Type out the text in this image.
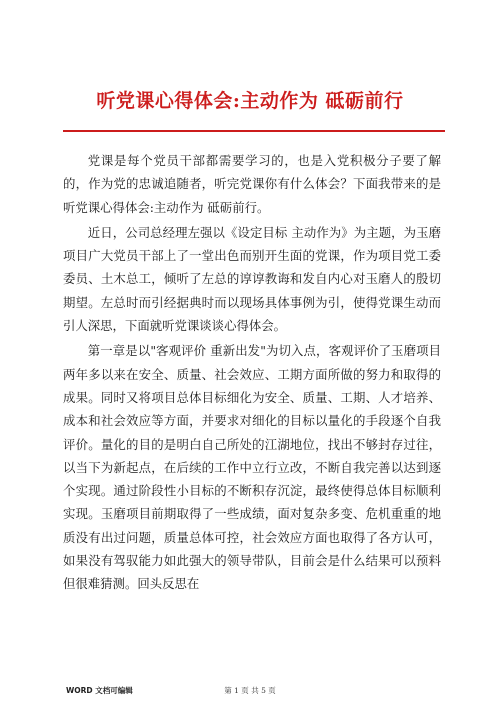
听党课心得体会:主动作为 砥砺前行

党课是每个党员干部都需要学习的，也是入党积极分子要了解的，作为党的忠诚追随者，听完党课你有什么体会？下面我带来的是听党课心得体会:主动作为 砥砺前行。

近日，公司总经理左强以《设定目标 主动作为》为主题，为玉磨项目广大党员干部上了一堂出色而别开生面的党课，作为项目党工委委员、土木总工，倾听了左总的谆谆教诲和发自内心对玉磨人的殷切期望。左总时而引经据典时而以现场具体事例为引，使得党课生动而引人深思，下面就听党课谈谈心得体会。

第一章是以"客观评价 重新出发"为切入点，客观评价了玉磨项目两年多以来在安全、质量、社会效应、工期方面所做的努力和取得的成果。同时又将项目总体目标细化为安全、质量、工期、人才培养、成本和社会效应等方面，并要求对细化的目标以量化的手段逐个自我评价。量化的目的是明白自己所处的江湖地位，找出不够封存过往，以当下为新起点，在后续的工作中立行立改，不断自我完善以达到逐个实现。通过阶段性小目标的不断积存沉淀，最终使得总体目标顺利实现。玉磨项目前期取得了一些成绩，面对复杂多变、危机重重的地质没有出过问题，质量总体可控，社会效应方面也取得了各方认可，如果没有驾驭能力如此强大的领导带队，目前会是什么结果可以预料但很难猜测。回头反思在

WORD 文档可编辑	第 1 页 共 5 页
